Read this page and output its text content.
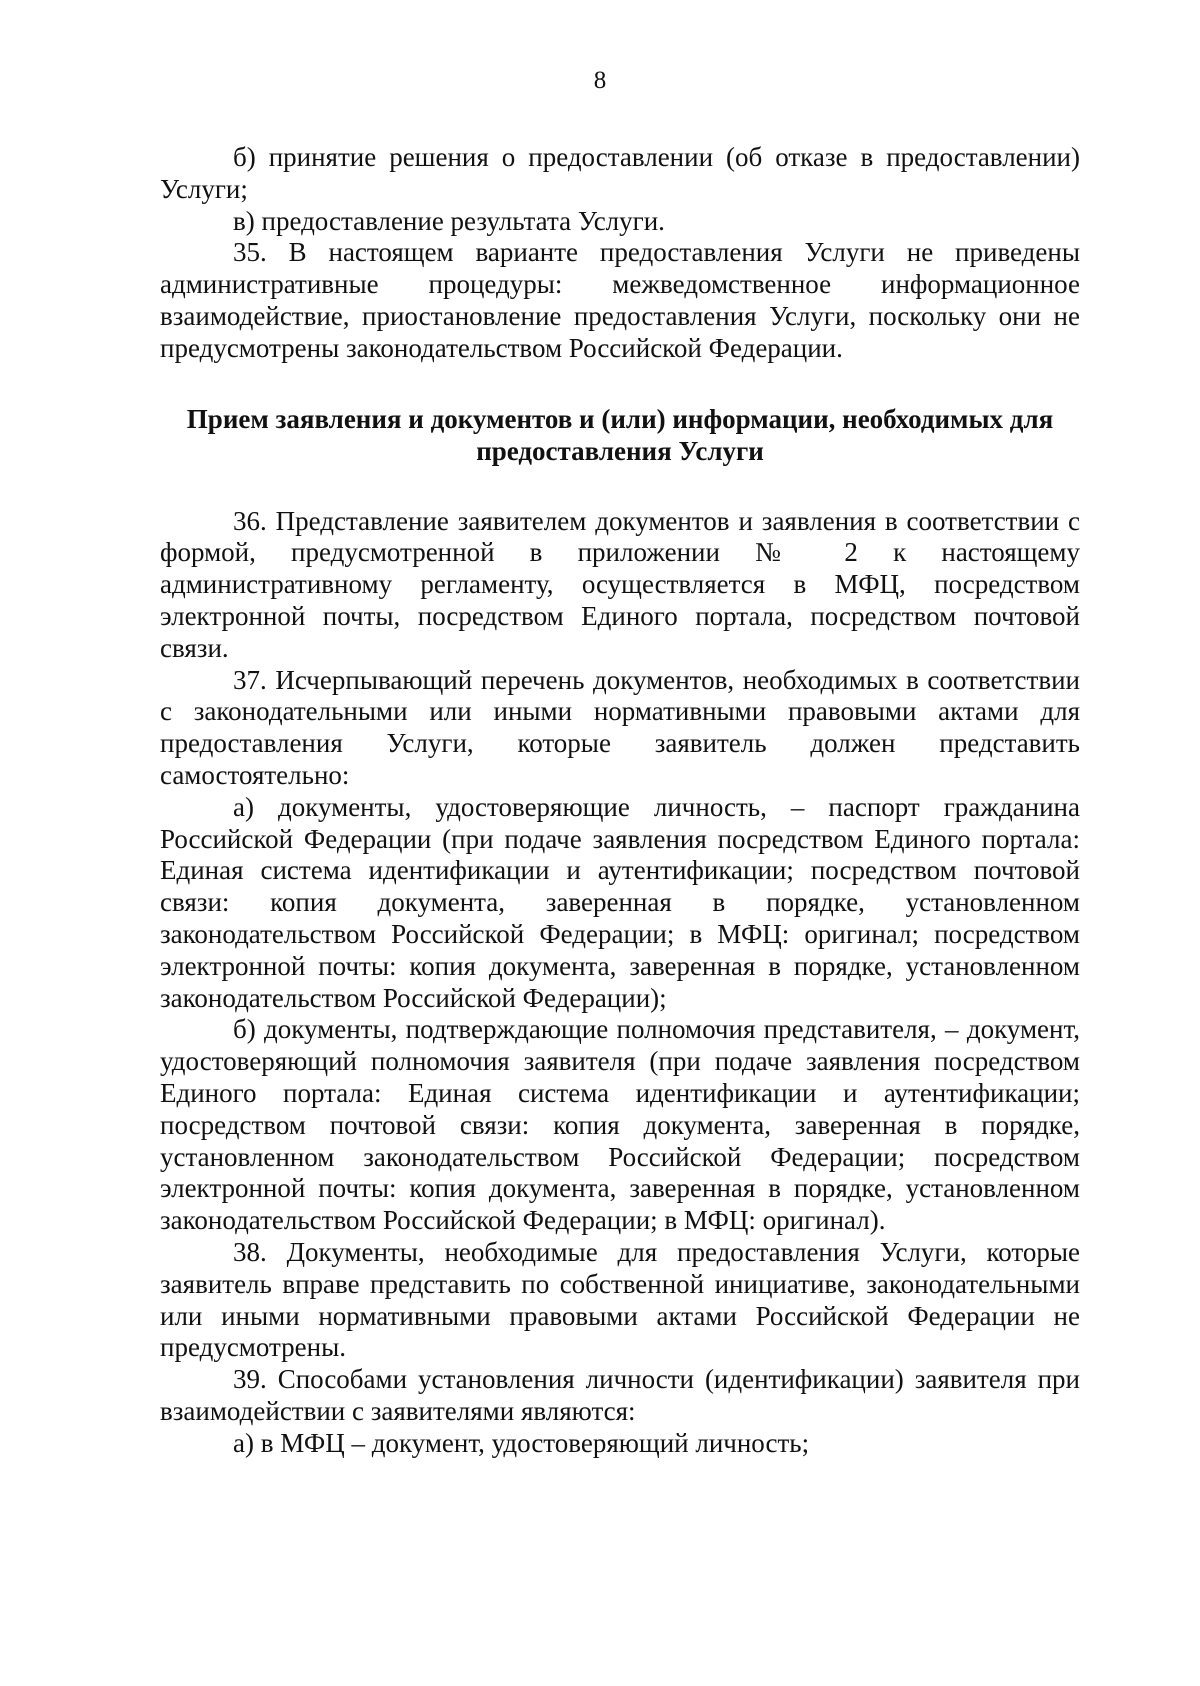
8

б) принятие решения о предоставлении (об отказе в предоставлении) Услуги;

в) предоставление результата Услуги.

35. В настоящем варианте предоставления Услуги не приведены административные процедуры: межведомственное информационное взаимодействие, приостановление предоставления Услуги, поскольку они не предусмотрены законодательством Российской Федерации.

Прием заявления и документов и (или) информации, необходимых для предоставления Услуги

36. Представление заявителем документов и заявления в соответствии с формой, предусмотренной в приложении № 2 к настоящему административному регламенту, осуществляется в МФЦ, посредством электронной почты, посредством Единого портала, посредством почтовой связи.

37. Исчерпывающий перечень документов, необходимых в соответствии с законодательными или иными нормативными правовыми актами для предоставления Услуги, которые заявитель должен представить самостоятельно:

а) документы, удостоверяющие личность, – паспорт гражданина Российской Федерации (при подаче заявления посредством Единого портала: Единая система идентификации и аутентификации; посредством почтовой связи: копия документа, заверенная в порядке, установленном законодательством Российской Федерации; в МФЦ: оригинал; посредством электронной почты: копия документа, заверенная в порядке, установленном законодательством Российской Федерации);

б) документы, подтверждающие полномочия представителя, – документ, удостоверяющий полномочия заявителя (при подаче заявления посредством Единого портала: Единая система идентификации и аутентификации; посредством почтовой связи: копия документа, заверенная в порядке, установленном законодательством Российской Федерации; посредством электронной почты: копия документа, заверенная в порядке, установленном законодательством Российской Федерации; в МФЦ: оригинал).

38. Документы, необходимые для предоставления Услуги, которые заявитель вправе представить по собственной инициативе, законодательными или иными нормативными правовыми актами Российской Федерации не предусмотрены.

39. Способами установления личности (идентификации) заявителя при взаимодействии с заявителями являются:

а) в МФЦ – документ, удостоверяющий личность;
